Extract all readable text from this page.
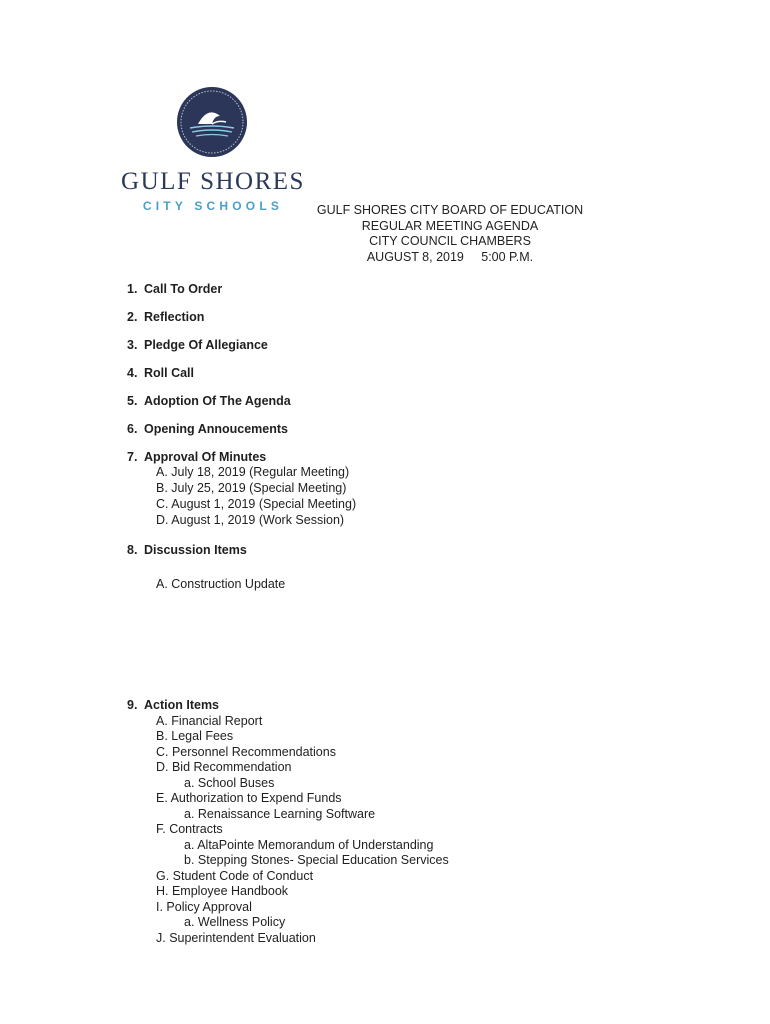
GULF SHORES
CITY SCHOOLS	GULF SHORES CITY BOARD OF EDUCATION
REGULAR MEETING AGENDA
CITY COUNCIL CHAMBERS
AUGUST 8, 2019     5:00 P.M.
1. Call To Order
2. Reflection
3. Pledge Of Allegiance
4. Roll Call
5. Adoption Of The Agenda
6. Opening Annoucements
7. Approval Of Minutes
A. July 18, 2019 (Regular Meeting)
B. July 25, 2019 (Special Meeting)
C. August 1, 2019 (Special Meeting)
D. August 1, 2019 (Work Session)
8. Discussion Items
A. Construction Update
9. Action Items
A. Financial Report
B. Legal Fees
C. Personnel Recommendations
D. Bid Recommendation
a. School Buses
E. Authorization to Expend Funds
a. Renaissance Learning Software
F. Contracts
a. AltaPointe Memorandum of Understanding
b. Stepping Stones- Special Education Services
G. Student Code of Conduct
H. Employee Handbook
I. Policy Approval
a. Wellness Policy
J. Superintendent Evaluation
